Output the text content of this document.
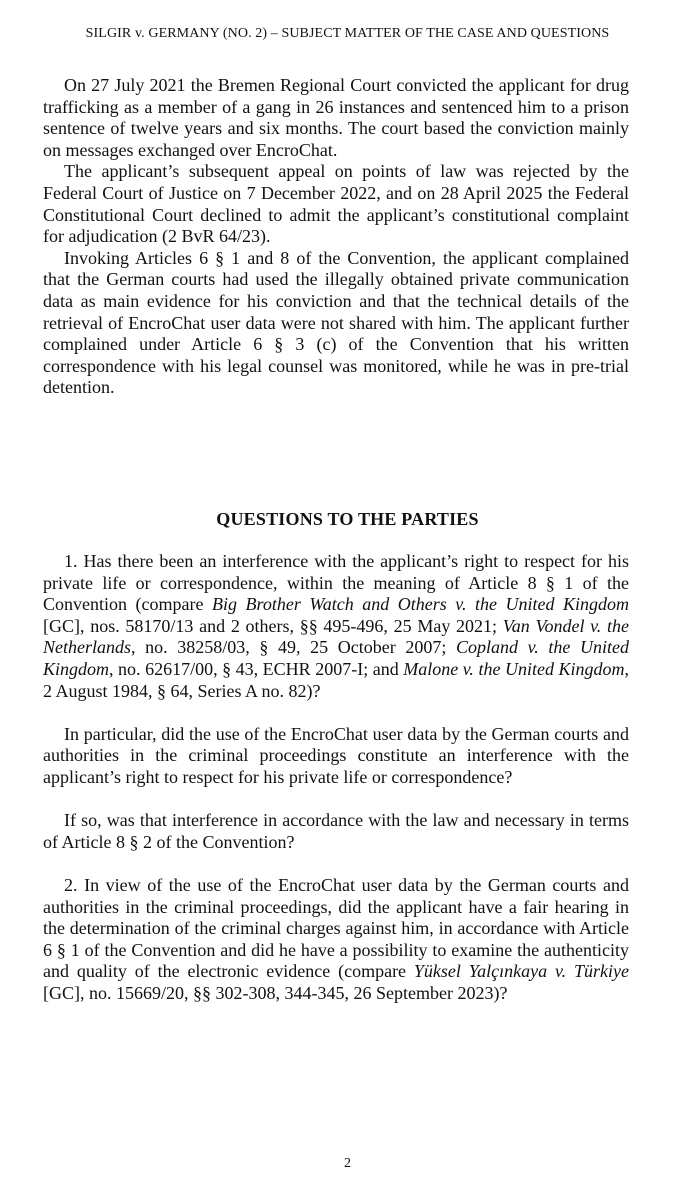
SILGIR v. GERMANY (NO. 2) – SUBJECT MATTER OF THE CASE AND QUESTIONS

On 27 July 2021 the Bremen Regional Court convicted the applicant for drug trafficking as a member of a gang in 26 instances and sentenced him to a prison sentence of twelve years and six months. The court based the conviction mainly on messages exchanged over EncroChat.

The applicant’s subsequent appeal on points of law was rejected by the Federal Court of Justice on 7 December 2022, and on 28 April 2025 the Federal Constitutional Court declined to admit the applicant’s constitutional complaint for adjudication (2 BvR 64/23).

Invoking Articles 6 § 1 and 8 of the Convention, the applicant complained that the German courts had used the illegally obtained private communication data as main evidence for his conviction and that the technical details of the retrieval of EncroChat user data were not shared with him. The applicant further complained under Article 6 § 3 (c) of the Convention that his written correspondence with his legal counsel was monitored, while he was in pre-trial detention.

QUESTIONS TO THE PARTIES

1. Has there been an interference with the applicant’s right to respect for his private life or correspondence, within the meaning of Article 8 § 1 of the Convention (compare Big Brother Watch and Others v. the United Kingdom [GC], nos. 58170/13 and 2 others, §§ 495-496, 25 May 2021; Van Vondel v. the Netherlands, no. 38258/03, § 49, 25 October 2007; Copland v. the United Kingdom, no. 62617/00, § 43, ECHR 2007-I; and Malone v. the United Kingdom, 2 August 1984, § 64, Series A no. 82)?

In particular, did the use of the EncroChat user data by the German courts and authorities in the criminal proceedings constitute an interference with the applicant’s right to respect for his private life or correspondence?

If so, was that interference in accordance with the law and necessary in terms of Article 8 § 2 of the Convention?

2. In view of the use of the EncroChat user data by the German courts and authorities in the criminal proceedings, did the applicant have a fair hearing in the determination of the criminal charges against him, in accordance with Article 6 § 1 of the Convention and did he have a possibility to examine the authenticity and quality of the electronic evidence (compare Yüksel Yalçınkaya v. Türkiye [GC], no. 15669/20, §§ 302-308, 344-345, 26 September 2023)?

2
